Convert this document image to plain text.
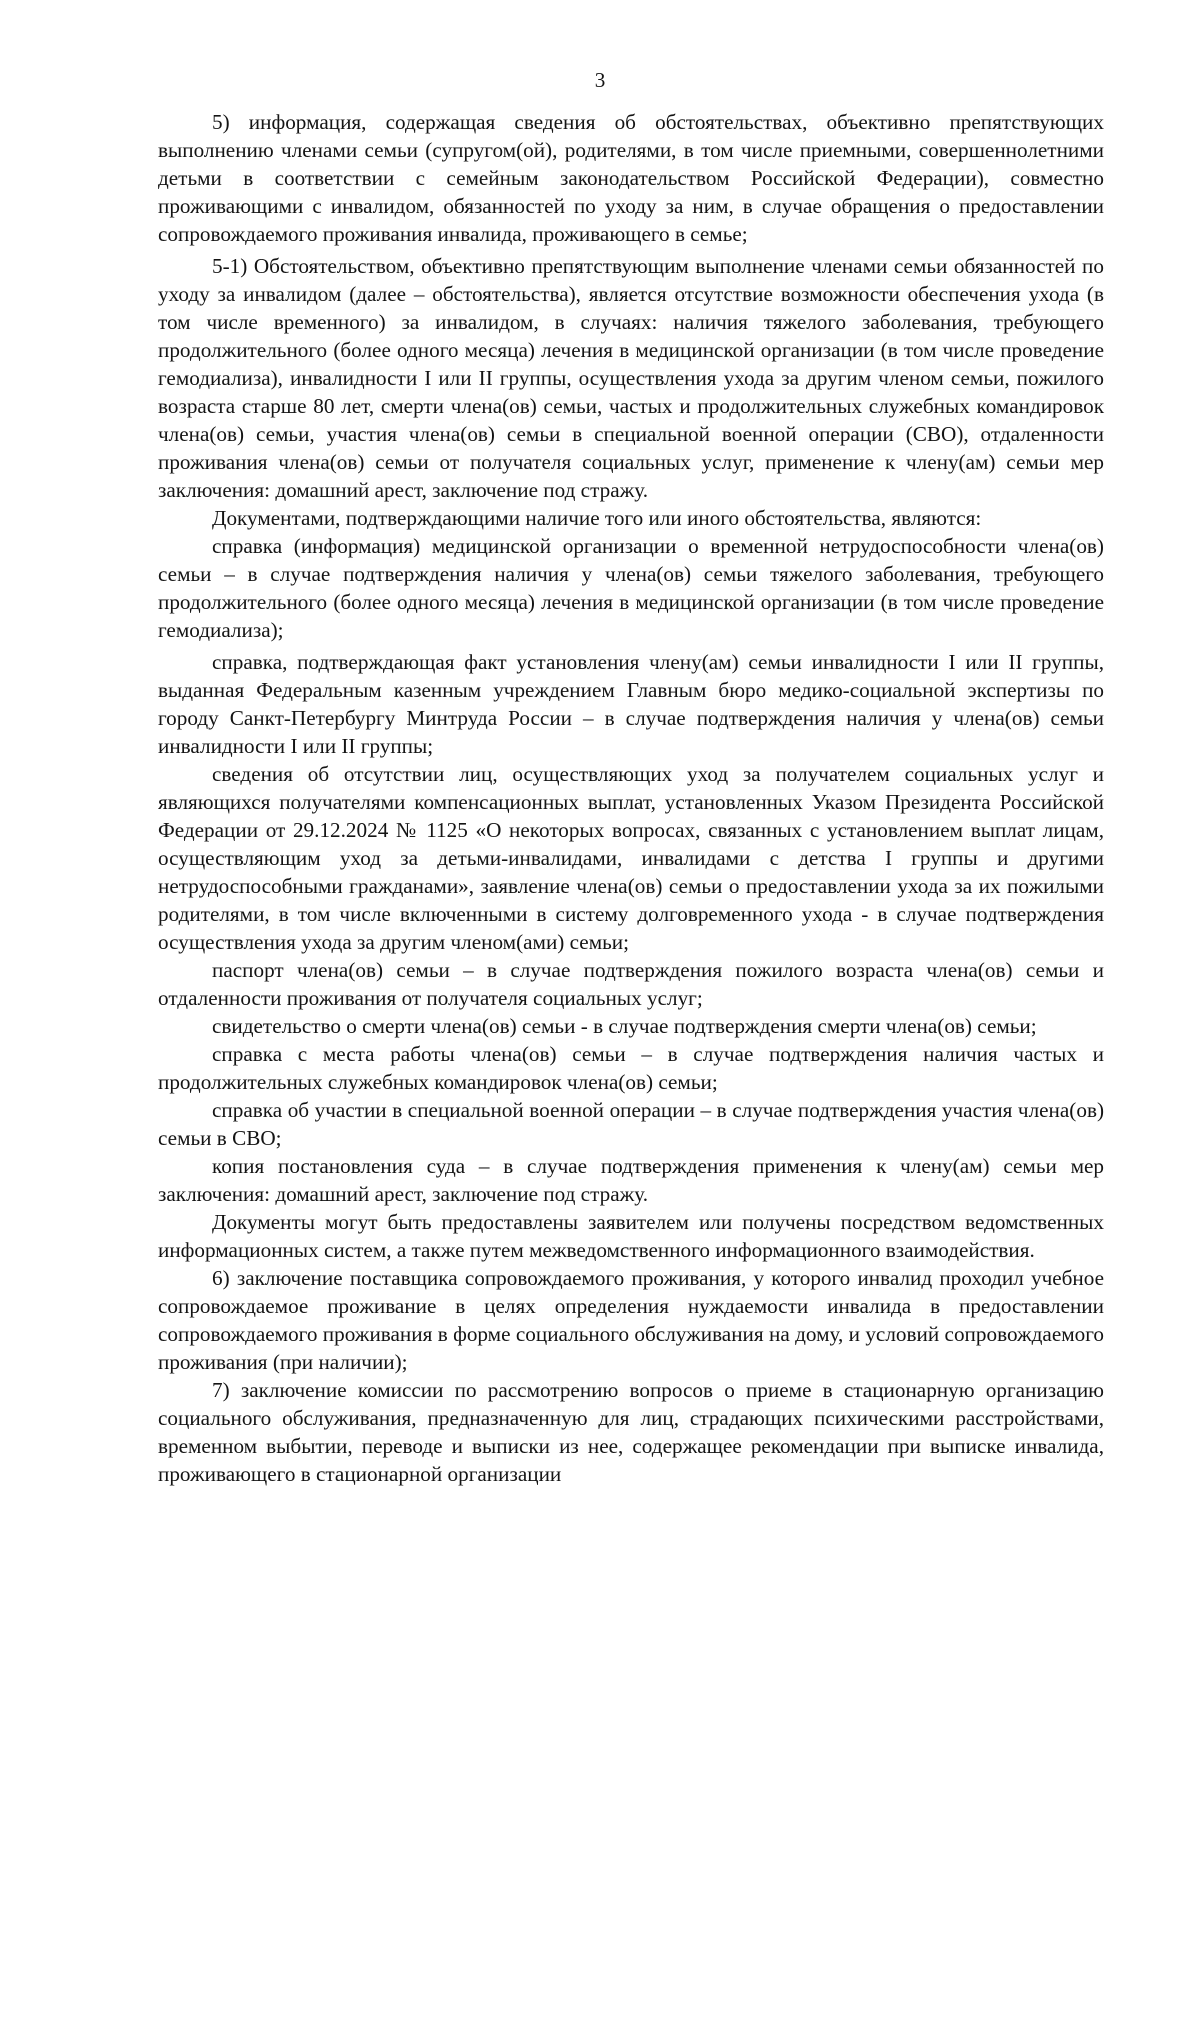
3

5) информация, содержащая сведения об обстоятельствах, объективно препятствующих выполнению членами семьи (супругом(ой), родителями, в том числе приемными, совершеннолетними детьми в соответствии с семейным законодательством Российской Федерации), совместно проживающими с инвалидом, обязанностей по уходу за ним, в случае обращения о предоставлении сопровождаемого проживания инвалида, проживающего в семье;

5-1) Обстоятельством, объективно препятствующим выполнение членами семьи обязанностей по уходу за инвалидом (далее – обстоятельства), является отсутствие возможности обеспечения ухода (в том числе временного) за инвалидом, в случаях: наличия тяжелого заболевания, требующего продолжительного (более одного месяца) лечения в медицинской организации (в том числе проведение гемодиализа), инвалидности I или II группы, осуществления ухода за другим членом семьи, пожилого возраста старше 80 лет, смерти члена(ов) семьи, частых и продолжительных служебных командировок члена(ов) семьи, участия члена(ов) семьи в специальной военной операции (СВО), отдаленности проживания члена(ов) семьи от получателя социальных услуг, применение к члену(ам) семьи мер заключения: домашний арест, заключение под стражу.

Документами, подтверждающими наличие того или иного обстоятельства, являются:

справка (информация) медицинской организации о временной нетрудоспособности члена(ов) семьи – в случае подтверждения наличия у члена(ов) семьи тяжелого заболевания, требующего продолжительного (более одного месяца) лечения в медицинской организации (в том числе проведение гемодиализа);

справка, подтверждающая факт установления члену(ам) семьи инвалидности I или II группы, выданная Федеральным казенным учреждением Главным бюро медико-социальной экспертизы по городу Санкт-Петербургу Минтруда России – в случае подтверждения наличия у члена(ов) семьи инвалидности I или II группы;

сведения об отсутствии лиц, осуществляющих уход за получателем социальных услуг и являющихся получателями компенсационных выплат, установленных Указом Президента Российской Федерации от 29.12.2024 № 1125 «О некоторых вопросах, связанных с установлением выплат лицам, осуществляющим уход за детьми-инвалидами, инвалидами с детства I группы и другими нетрудоспособными гражданами», заявление члена(ов) семьи о предоставлении ухода за их пожилыми родителями, в том числе включенными в систему долговременного ухода - в случае подтверждения осуществления ухода за другим членом(ами) семьи;

паспорт члена(ов) семьи – в случае подтверждения пожилого возраста члена(ов) семьи и отдаленности проживания от получателя социальных услуг;

свидетельство о смерти члена(ов) семьи - в случае подтверждения смерти члена(ов) семьи;

справка с места работы члена(ов) семьи – в случае подтверждения наличия частых и продолжительных служебных командировок члена(ов) семьи;

справка об участии в специальной военной операции – в случае подтверждения участия члена(ов) семьи в СВО;

копия постановления суда – в случае подтверждения применения к члену(ам) семьи мер заключения: домашний арест, заключение под стражу.

Документы могут быть предоставлены заявителем или получены посредством ведомственных информационных систем, а также путем межведомственного информационного взаимодействия.

6) заключение поставщика сопровождаемого проживания, у которого инвалид проходил учебное сопровождаемое проживание в целях определения нуждаемости инвалида в предоставлении сопровождаемого проживания в форме социального обслуживания на дому, и условий сопровождаемого проживания (при наличии);

7) заключение комиссии по рассмотрению вопросов о приеме в стационарную организацию социального обслуживания, предназначенную для лиц, страдающих психическими расстройствами, временном выбытии, переводе и выписки из нее, содержащее рекомендации при выписке инвалида, проживающего в стационарной организации
